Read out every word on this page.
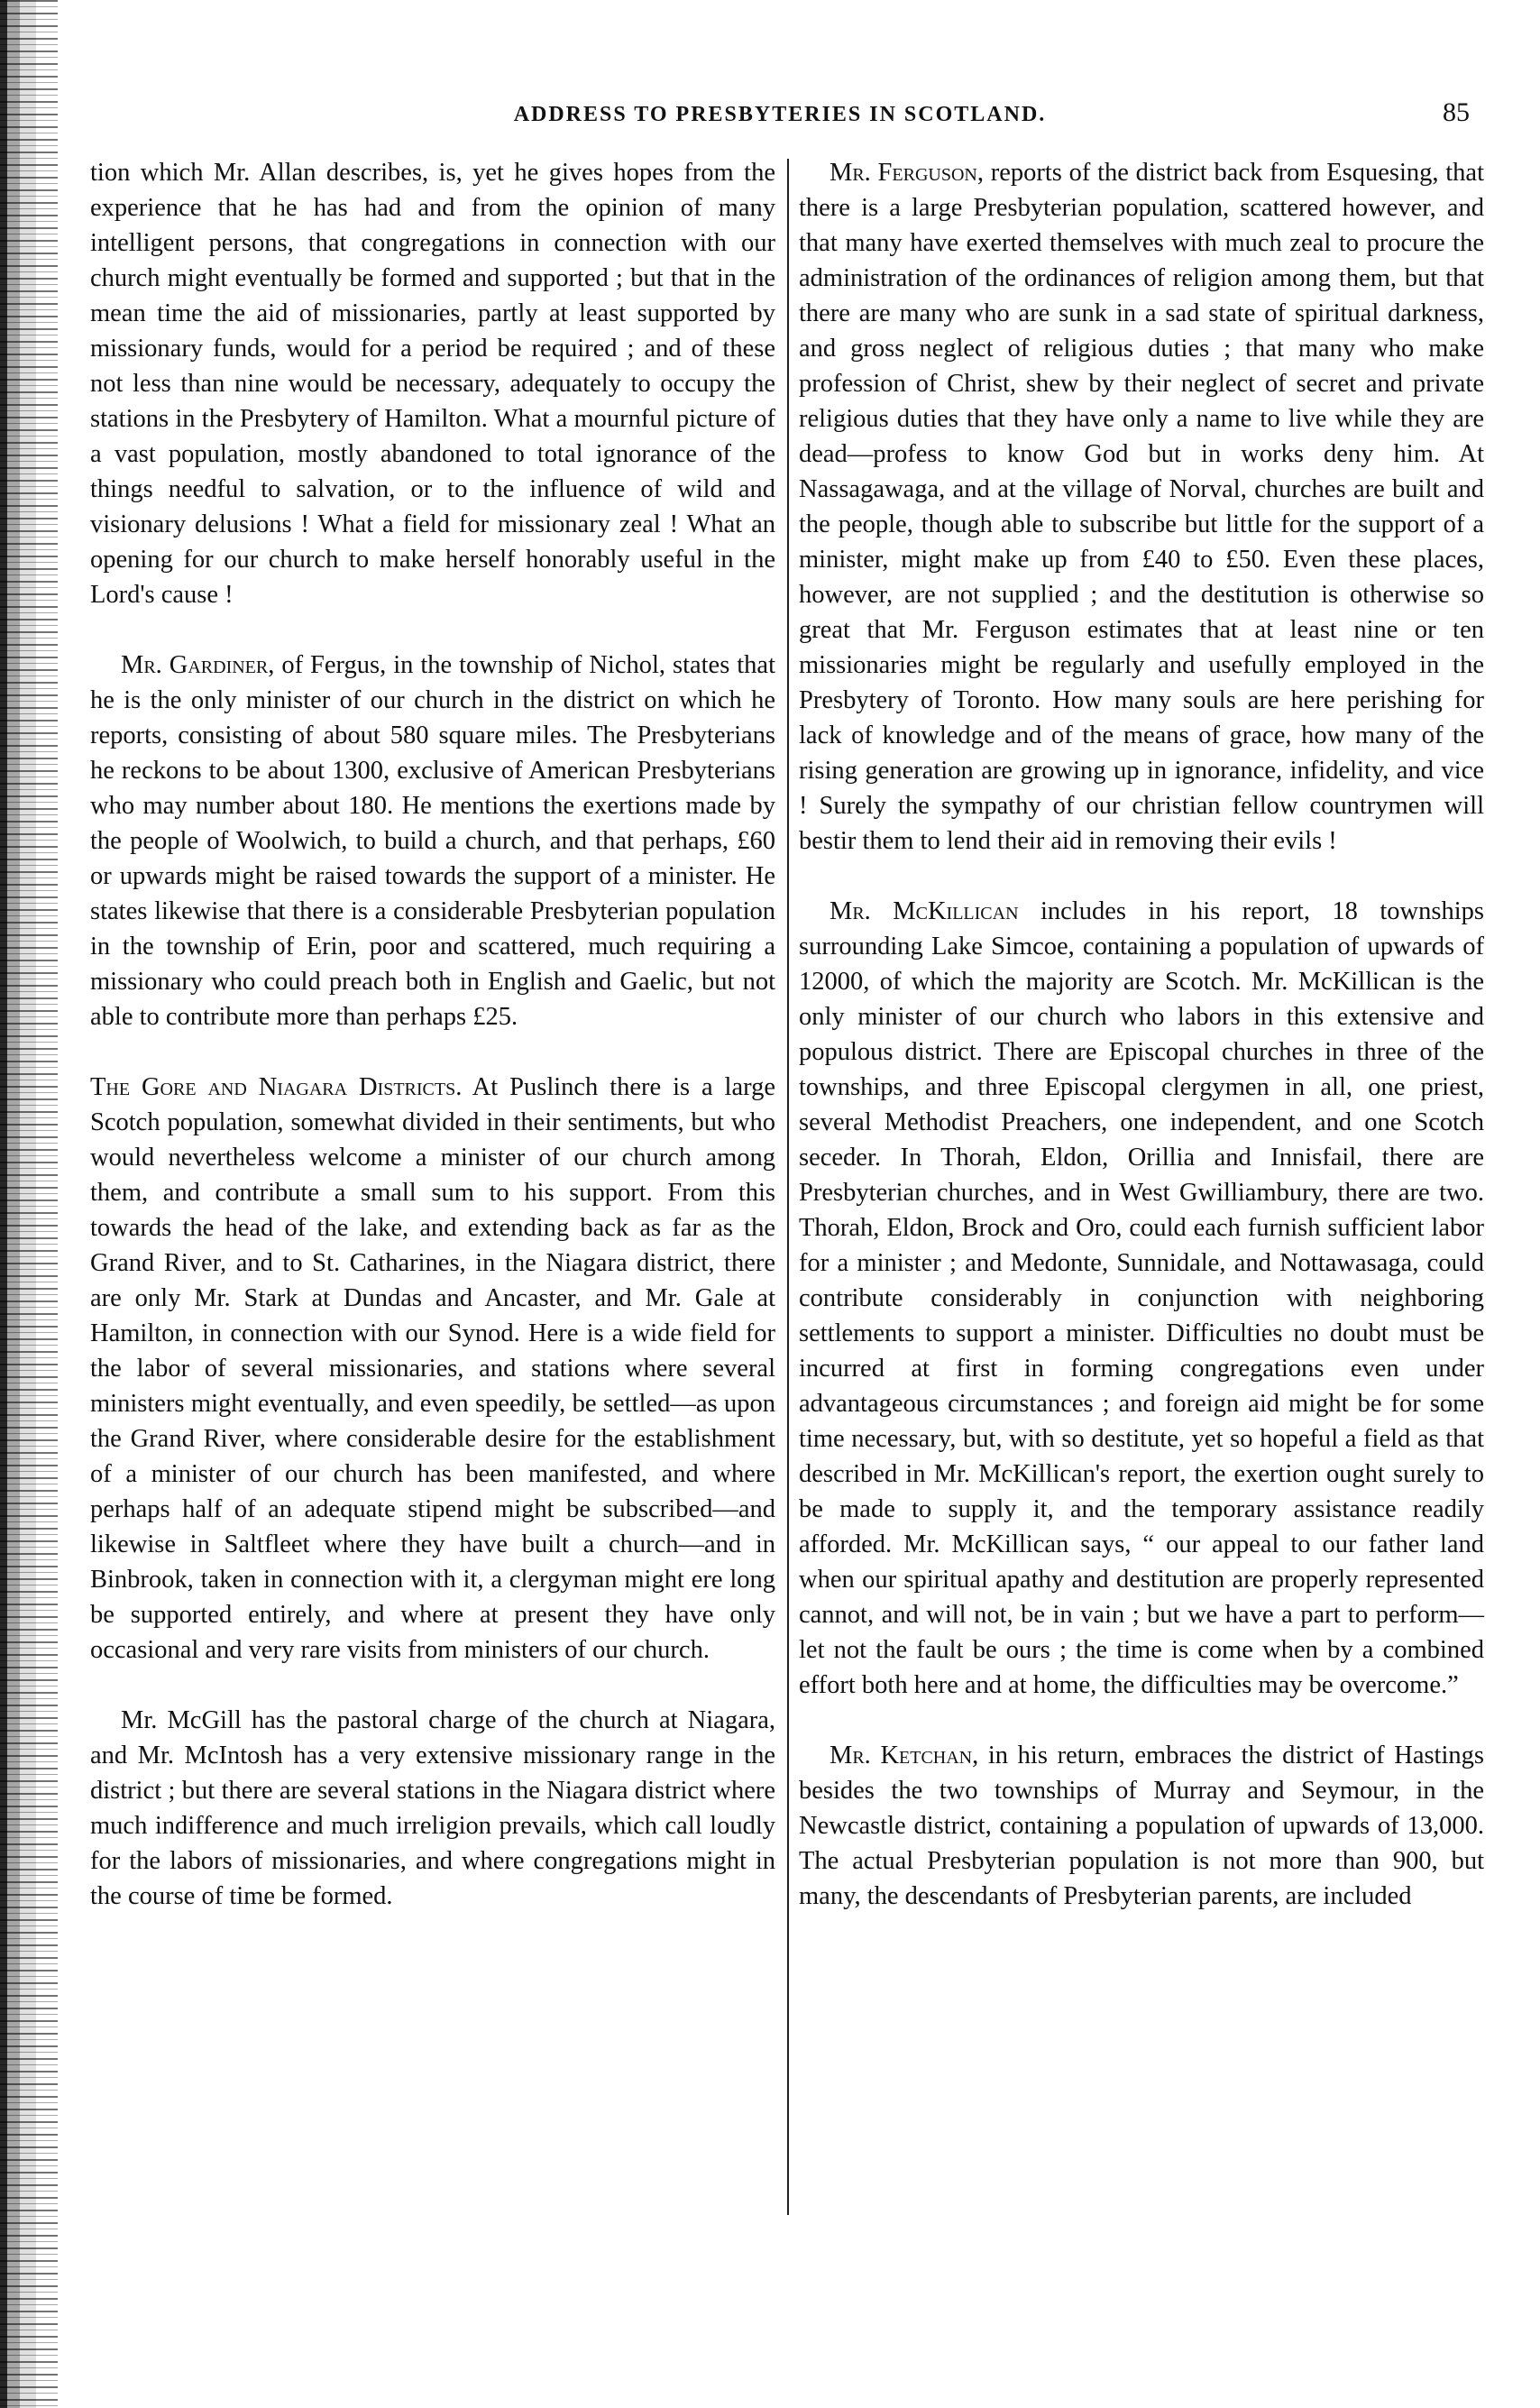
ADDRESS TO PRESBYTERIES IN SCOTLAND.	85

tion which Mr. Allan describes, is, yet he gives hopes from the experience that he has had and from the opinion of many intelligent persons, that congregations in connection with our church might eventually be formed and supported ; but that in the mean time the aid of missionaries, partly at least supported by missionary funds, would for a period be required ; and of these not less than nine would be necessary, adequately to occupy the stations in the Presbytery of Hamilton. What a mournful picture of a vast population, mostly abandoned to total ignorance of the things needful to salvation, or to the influence of wild and visionary delusions ! What a field for missionary zeal ! What an opening for our church to make herself honorably useful in the Lord's cause !

Mr. Gardiner, of Fergus, in the township of Nichol, states that he is the only minister of our church in the district on which he reports, consisting of about 580 square miles. The Presbyterians he reckons to be about 1300, exclusive of American Presbyterians who may number about 180. He mentions the exertions made by the people of Woolwich, to build a church, and that perhaps, £60 or upwards might be raised towards the support of a minister. He states likewise that there is a considerable Presbyterian population in the township of Erin, poor and scattered, much requiring a missionary who could preach both in English and Gaelic, but not able to contribute more than perhaps £25.

The Gore and Niagara Districts. At Puslinch there is a large Scotch population, somewhat divided in their sentiments, but who would nevertheless welcome a minister of our church among them, and contribute a small sum to his support. From this towards the head of the lake, and extending back as far as the Grand River, and to St. Catharines, in the Niagara district, there are only Mr. Stark at Dundas and Ancaster, and Mr. Gale at Hamilton, in connection with our Synod. Here is a wide field for the labor of several missionaries, and stations where several ministers might eventually, and even speedily, be settled—as upon the Grand River, where considerable desire for the establishment of a minister of our church has been manifested, and where perhaps half of an adequate stipend might be subscribed—and likewise in Saltfleet where they have built a church—and in Binbrook, taken in connection with it, a clergyman might ere long be supported entirely, and where at present they have only occasional and very rare visits from ministers of our church.

Mr. McGill has the pastoral charge of the church at Niagara, and Mr. McIntosh has a very extensive missionary range in the district ; but there are several stations in the Niagara district where much indifference and much irreligion prevails, which call loudly for the labors of missionaries, and where congregations might in the course of time be formed.

Mr. Ferguson, reports of the district back from Esquesing, that there is a large Presbyterian population, scattered however, and that many have exerted themselves with much zeal to procure the administration of the ordinances of religion among them, but that there are many who are sunk in a sad state of spiritual darkness, and gross neglect of religious duties ; that many who make profession of Christ, shew by their neglect of secret and private religious duties that they have only a name to live while they are dead—profess to know God but in works deny him. At Nassagawaga, and at the village of Norval, churches are built and the people, though able to subscribe but little for the support of a minister, might make up from £40 to £50. Even these places, however, are not supplied ; and the destitution is otherwise so great that Mr. Ferguson estimates that at least nine or ten missionaries might be regularly and usefully employed in the Presbytery of Toronto. How many souls are here perishing for lack of knowledge and of the means of grace, how many of the rising generation are growing up in ignorance, infidelity, and vice ! Surely the sympathy of our christian fellow countrymen will bestir them to lend their aid in removing their evils !

Mr. McKillican includes in his report, 18 townships surrounding Lake Simcoe, containing a population of upwards of 12000, of which the majority are Scotch. Mr. McKillican is the only minister of our church who labors in this extensive and populous district. There are Episcopal churches in three of the townships, and three Episcopal clergymen in all, one priest, several Methodist Preachers, one independent, and one Scotch seceder. In Thorah, Eldon, Orillia and Innisfail, there are Presbyterian churches, and in West Gwilliambury, there are two. Thorah, Eldon, Brock and Oro, could each furnish sufficient labor for a minister ; and Medonte, Sunnidale, and Nottawasaga, could contribute considerably in conjunction with neighboring settlements to support a minister. Difficulties no doubt must be incurred at first in forming congregations even under advantageous circumstances ; and foreign aid might be for some time necessary, but, with so destitute, yet so hopeful a field as that described in Mr. McKillican's report, the exertion ought surely to be made to supply it, and the temporary assistance readily afforded. Mr. McKillican says, “ our appeal to our father land when our spiritual apathy and destitution are properly represented cannot, and will not, be in vain ; but we have a part to perform—let not the fault be ours ; the time is come when by a combined effort both here and at home, the difficulties may be overcome.”

Mr. Ketchan, in his return, embraces the district of Hastings besides the two townships of Murray and Seymour, in the Newcastle district, containing a population of upwards of 13,000. The actual Presbyterian population is not more than 900, but many, the descendants of Presbyterian parents, are included
